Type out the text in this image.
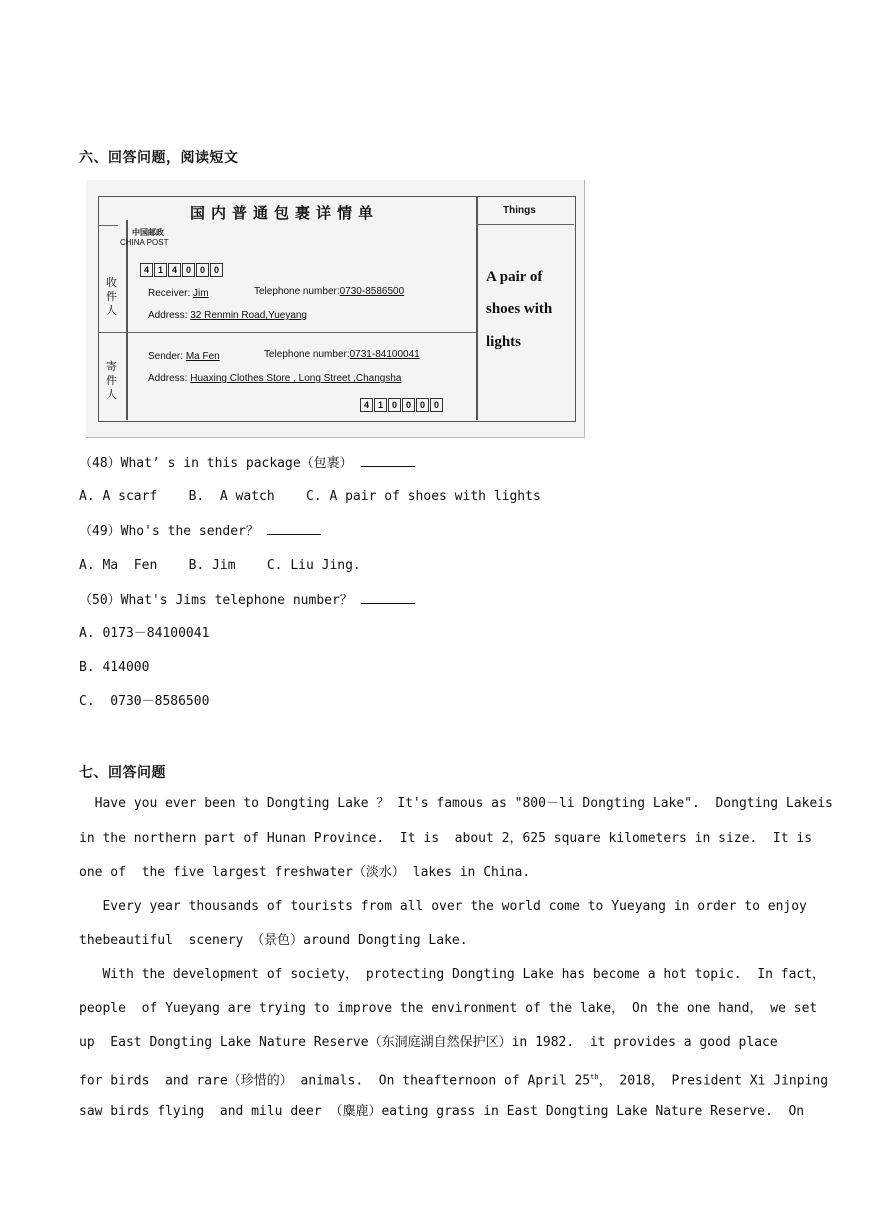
六、回答问题，阅读短文
国内普通包裹详情单	Things
中国邮政
CHINA POST
收件人
寄件人
4 1 4 0 0 0
Receiver: Jim	Telephone number:0730-8586500
Address: 32 Renmin Road,Yueyang
Sender: Ma Fen	Telephone number:0731-84100041
Address: Huaxing Clothes Store , Long Street ,Changsha
4 1 0 0 0 0
A pair of
shoes with
lights
（48）What’ s in this package（包裹）
A. A scarf    B.  A watch    C. A pair of shoes with lights
（49）Who's the sender？
A. Ma  Fen    B. Jim    C. Liu Jing.
（50）What's Jims telephone number？
A. 0173－84100041
B. 414000
C.  0730－8586500
七、回答问题
Have you ever been to Dongting Lake ？ It's famous as "800－li Dongting Lake".  Dongting Lakeis
in the northern part of Hunan Province.  It is  about 2，625 square kilometers in size.  It is
one of  the five largest freshwater（淡水） lakes in China.
Every year thousands of tourists from all over the world come to Yueyang in order to enjoy
thebeautiful  scenery （景色）around Dongting Lake.
With the development of society， protecting Dongting Lake has become a hot topic.  In fact，
people  of Yueyang are trying to improve the environment of the lake， On the one hand， we set
up  East Dongting Lake Nature Reserve（东洞庭湖自然保护区）in 1982.  it provides a good place
for birds  and rare（珍惜的） animals.  On theafternoon of April 25th， 2018， President Xi Jinping
saw birds flying  and milu deer （麋鹿）eating grass in East Dongting Lake Nature Reserve.  On
